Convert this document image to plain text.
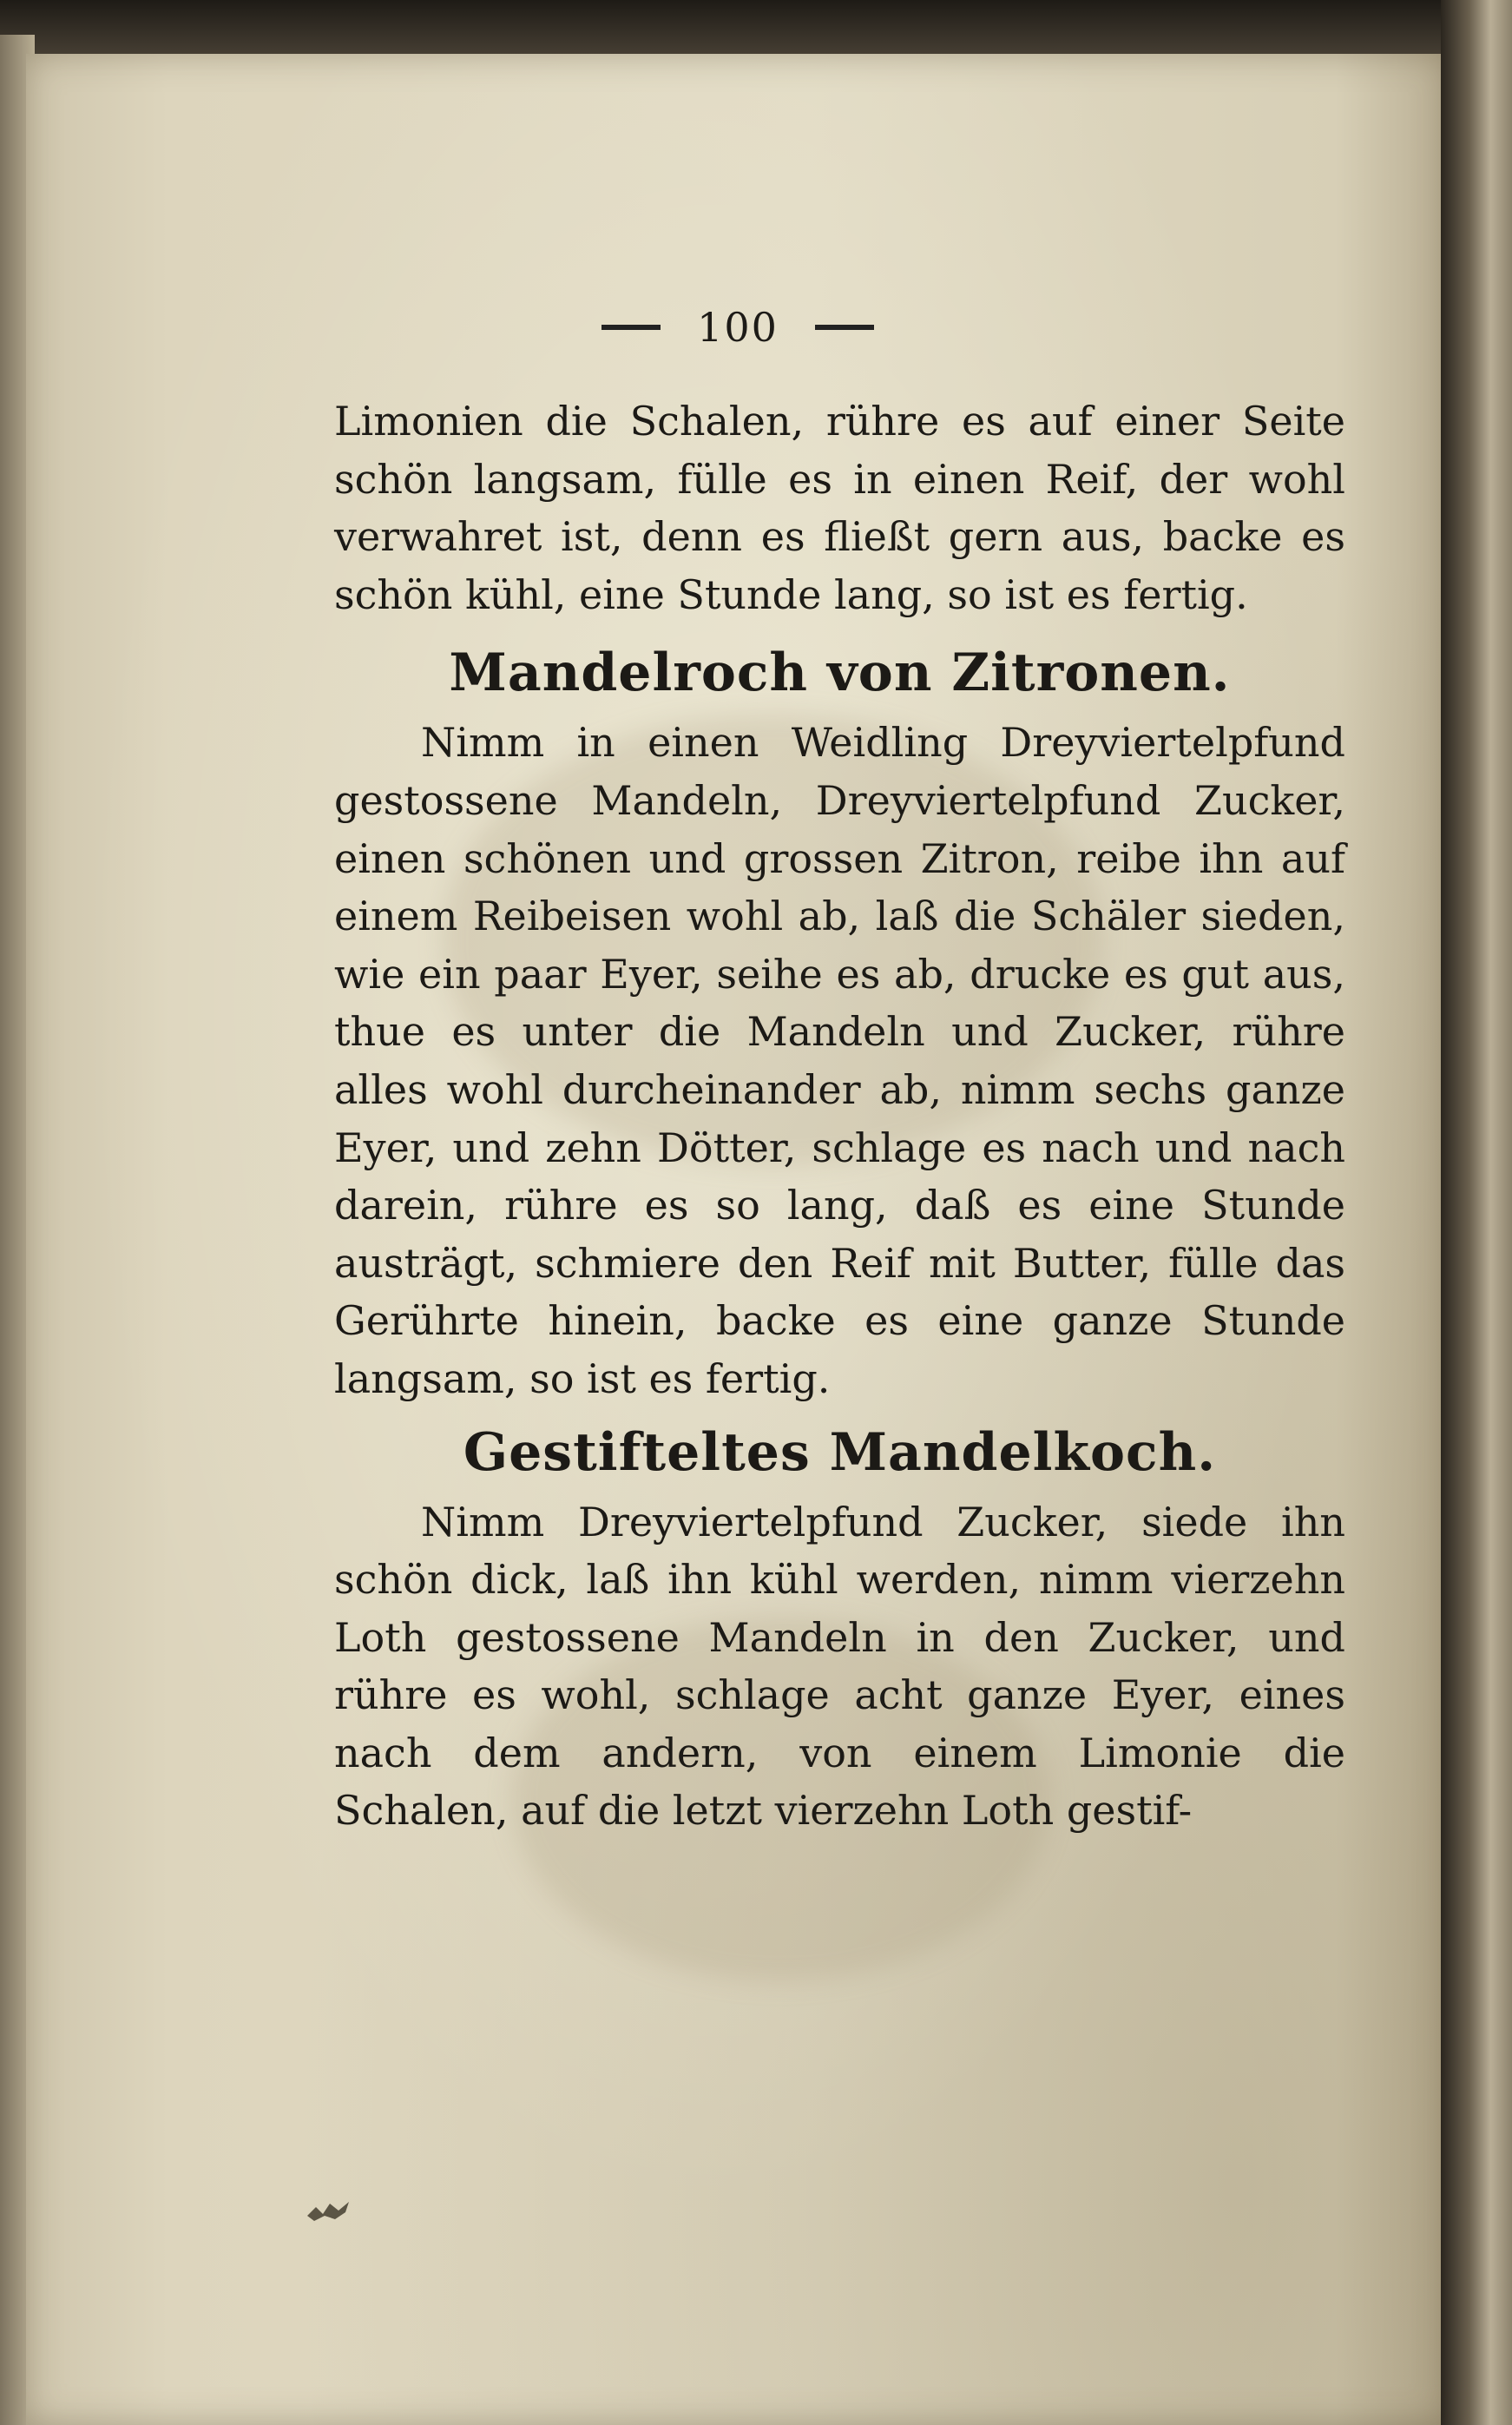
100

Limonien die Schalen, rühre es auf einer Seite schön langsam, fülle es in einen Reif, der wohl verwahret ist, denn es fließt gern aus, backe es schön kühl, eine Stunde lang, so ist es fertig.

Mandelroch von Zitronen.

Nimm in einen Weidling Dreyviertelpfund gestossene Mandeln, Dreyviertelpfund Zucker, einen schönen und grossen Zitron, reibe ihn auf einem Reibeisen wohl ab, laß die Schäler sieden, wie ein paar Eyer, seihe es ab, drucke es gut aus, thue es unter die Mandeln und Zucker, rühre alles wohl durcheinander ab, nimm sechs ganze Eyer, und zehn Dötter, schlage es nach und nach darein, rühre es so lang, daß es eine Stunde austrägt, schmiere den Reif mit Butter, fülle das Gerührte hinein, backe es eine ganze Stunde langsam, so ist es fertig.

Gestifteltes Mandelkoch.

Nimm Dreyviertelpfund Zucker, siede ihn schön dick, laß ihn kühl werden, nimm vierzehn Loth gestossene Mandeln in den Zucker, und rühre es wohl, schlage acht ganze Eyer, eines nach dem andern, von einem Limonie die Schalen, auf die letzt vierzehn Loth gestif-
